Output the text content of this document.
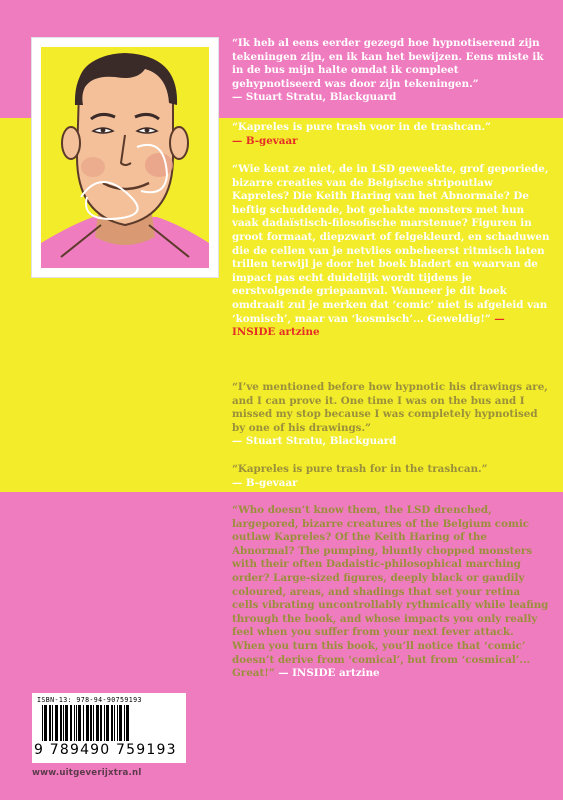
“Ik heb al eens eerder gezegd hoe hypnotiserend zijn tekeningen zijn, en ik kan het bewijzen. Eens miste ik in de bus mijn halte omdat ik compleet gehypnotiseerd was door zijn tekeningen.”
— Stuart Stratu, Blackguard

“Kapreles is pure trash voor in de trashcan.”
— B-gevaar

“Wie kent ze niet, de in LSD geweekte, grof geporiede, bizarre creaties van de Belgische stripoutlaw Kapreles? Die Keith Haring van het Abnormale? De heftig schuddende, bot gehakte monsters met hun vaak dadaïstisch-filosofische marstenue? Figuren in groot formaat, diepzwart of felgekleurd, en schaduwen die de cellen van je netvlies onbeheerst ritmisch laten trillen terwijl je door het boek bladert en waarvan de impact pas echt duidelijk wordt tijdens je eerstvolgende griepaanval. Wanneer je dit boek omdraait zul je merken dat ‘comic’ niet is afgeleid van ‘komisch’, maar van ‘kosmisch’... Geweldig!” — INSIDE artzine

“I’ve mentioned before how hypnotic his drawings are, and I can prove it. One time I was on the bus and I missed my stop because I was completely hypnotised by one of his drawings.”
— Stuart Stratu, Blackguard

“Kapreles is pure trash for in the trashcan.”
— B-gevaar

“Who doesn’t know them, the LSD drenched, largepored, bizarre creatures of the Belgium comic outlaw Kapreles? Of the Keith Haring of the Abnormal? The pumping, bluntly chopped monsters with their often Dadaistic-philosophical marching order? Large-sized figures, deeply black or gaudily coloured, areas, and shadings that set your retina cells vibrating uncontrollably rythmically while leafing through the book, and whose impacts you only really feel when you suffer from your next fever attack. When you turn this book, you’ll notice that ‘comic’ doesn’t derive from ‘comical’, but from ‘cosmical’... Great!” — INSIDE artzine

ISBN-13: 978-94-90759193
9 789490 759193
www.uitgeverijxtra.nl
